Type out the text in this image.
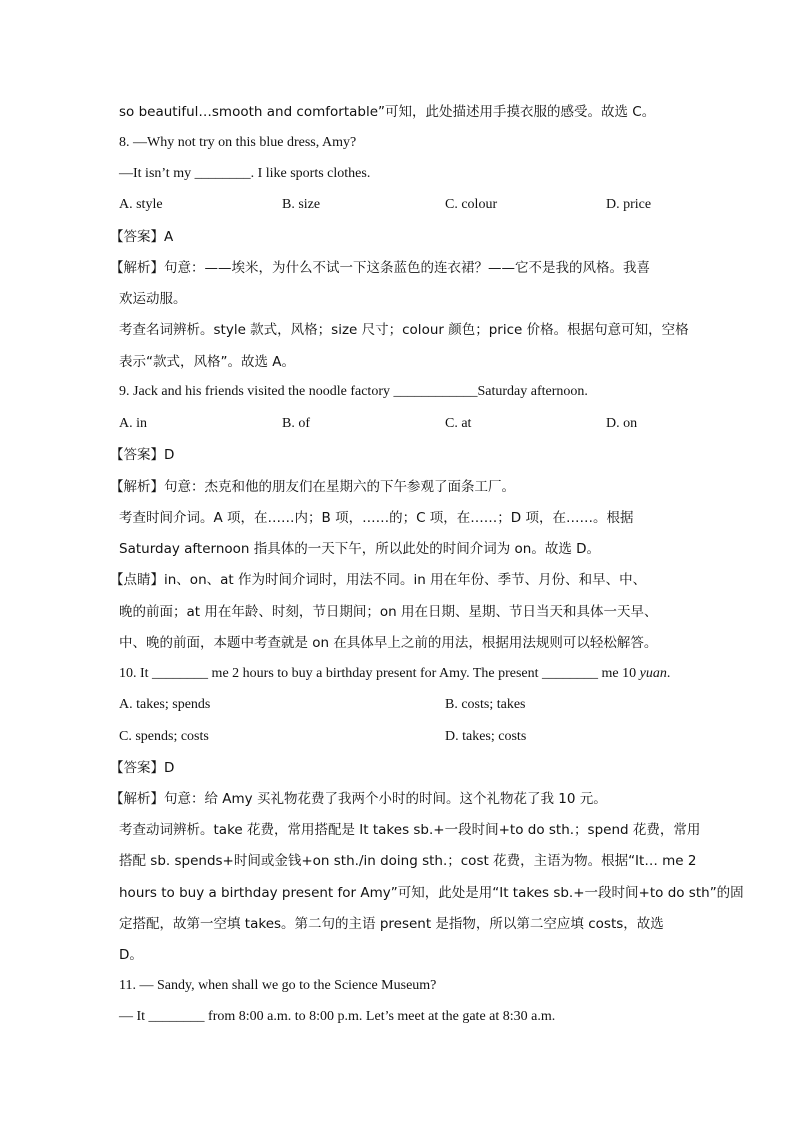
so beautiful…smooth and comfortable”可知，此处描述用手摸衣服的感受。故选 C。
8. —Why not try on this blue dress, Amy?
—It isn’t my ________. I like sports clothes.
A. style	B. size	C. colour	D. price
【答案】A
【解析】句意：——埃米，为什么不试一下这条蓝色的连衣裙？——它不是我的风格。我喜
欢运动服。
考查名词辨析。style 款式，风格；size 尺寸；colour 颜色；price 价格。根据句意可知，空格
表示“款式，风格”。故选 A。
9. Jack and his friends visited the noodle factory ____________Saturday afternoon.
A. in	B. of	C. at	D. on
【答案】D
【解析】句意：杰克和他的朋友们在星期六的下午参观了面条工厂。
考查时间介词。A 项，在……内；B 项，……的；C 项，在……；D 项，在……。根据
Saturday afternoon 指具体的一天下午，所以此处的时间介词为 on。故选 D。
【点睛】in、on、at 作为时间介词时，用法不同。in 用在年份、季节、月份、和早、中、
晚的前面；at 用在年龄、时刻，节日期间；on 用在日期、星期、节日当天和具体一天早、
中、晚的前面，本题中考查就是 on 在具体早上之前的用法，根据用法规则可以轻松解答。
10. It ________ me 2 hours to buy a birthday present for Amy. The present ________ me 10 yuan.
A. takes; spends	B. costs; takes
C. spends; costs	D. takes; costs
【答案】D
【解析】句意：给 Amy 买礼物花费了我两个小时的时间。这个礼物花了我 10 元。
考查动词辨析。take 花费，常用搭配是 It takes sb.+一段时间+to do sth.；spend 花费，常用
搭配 sb. spends+时间或金钱+on sth./in doing sth.；cost 花费，主语为物。根据“It… me 2
hours to buy a birthday present for Amy”可知，此处是用“It takes sb.+一段时间+to do sth”的固
定搭配，故第一空填 takes。第二句的主语 present 是指物，所以第二空应填 costs，故选
D。
11. — Sandy, when shall we go to the Science Museum?
— It ________ from 8:00 a.m. to 8:00 p.m. Let’s meet at the gate at 8:30 a.m.
